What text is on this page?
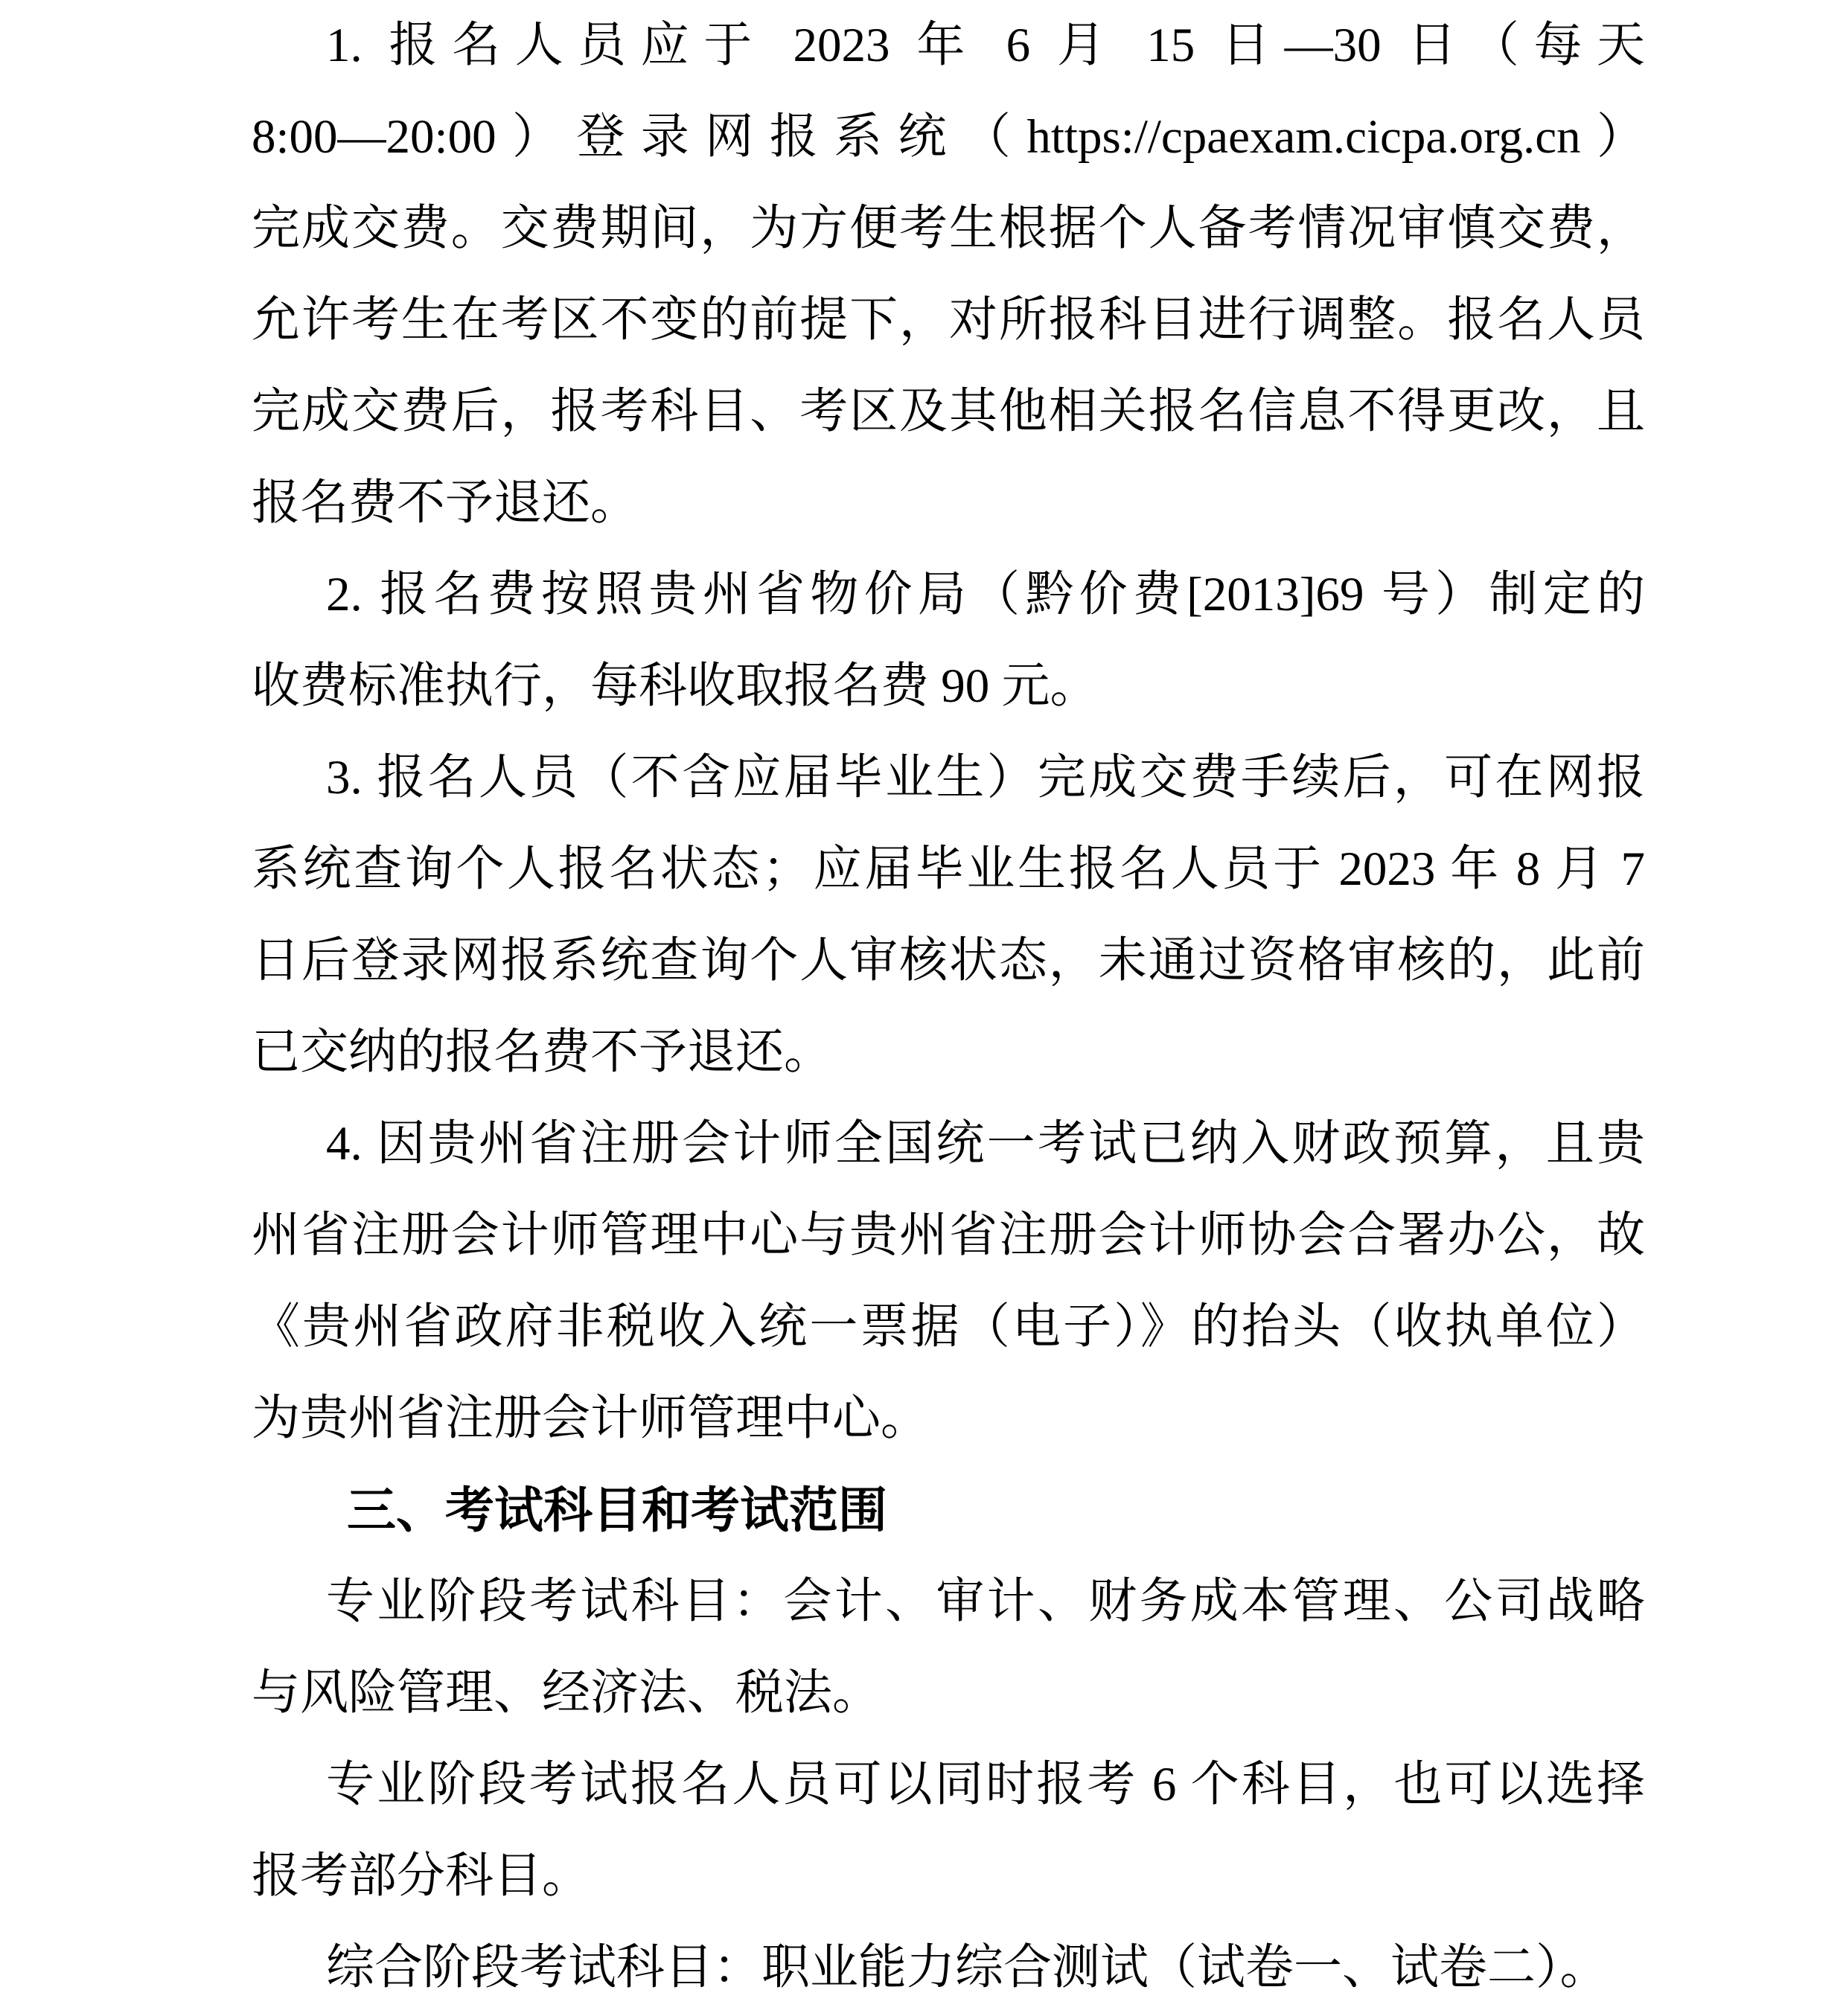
1. 报名人员应于 2023 年 6 月 15 日—30 日（每天
8:00—20:00）登录网报系统（https://cpaexam.cicpa.org.cn）
完成交费。交费期间，为方便考生根据个人备考情况审慎交费，
允许考生在考区不变的前提下，对所报科目进行调整。报名人员
完成交费后，报考科目、考区及其他相关报名信息不得更改，且
报名费不予退还。
2. 报名费按照贵州省物价局（黔价费[2013]69 号）制定的
收费标准执行，每科收取报名费 90 元。
3. 报名人员（不含应届毕业生）完成交费手续后，可在网报
系统查询个人报名状态；应届毕业生报名人员于 2023 年 8 月 7
日后登录网报系统查询个人审核状态，未通过资格审核的，此前
已交纳的报名费不予退还。
4. 因贵州省注册会计师全国统一考试已纳入财政预算，且贵
州省注册会计师管理中心与贵州省注册会计师协会合署办公，故
《贵州省政府非税收入统一票据（电子）》的抬头（收执单位）
为贵州省注册会计师管理中心。
三、考试科目和考试范围
专业阶段考试科目：会计、审计、财务成本管理、公司战略
与风险管理、经济法、税法。
专业阶段考试报名人员可以同时报考 6 个科目，也可以选择
报考部分科目。
综合阶段考试科目：职业能力综合测试（试卷一、试卷二）。
